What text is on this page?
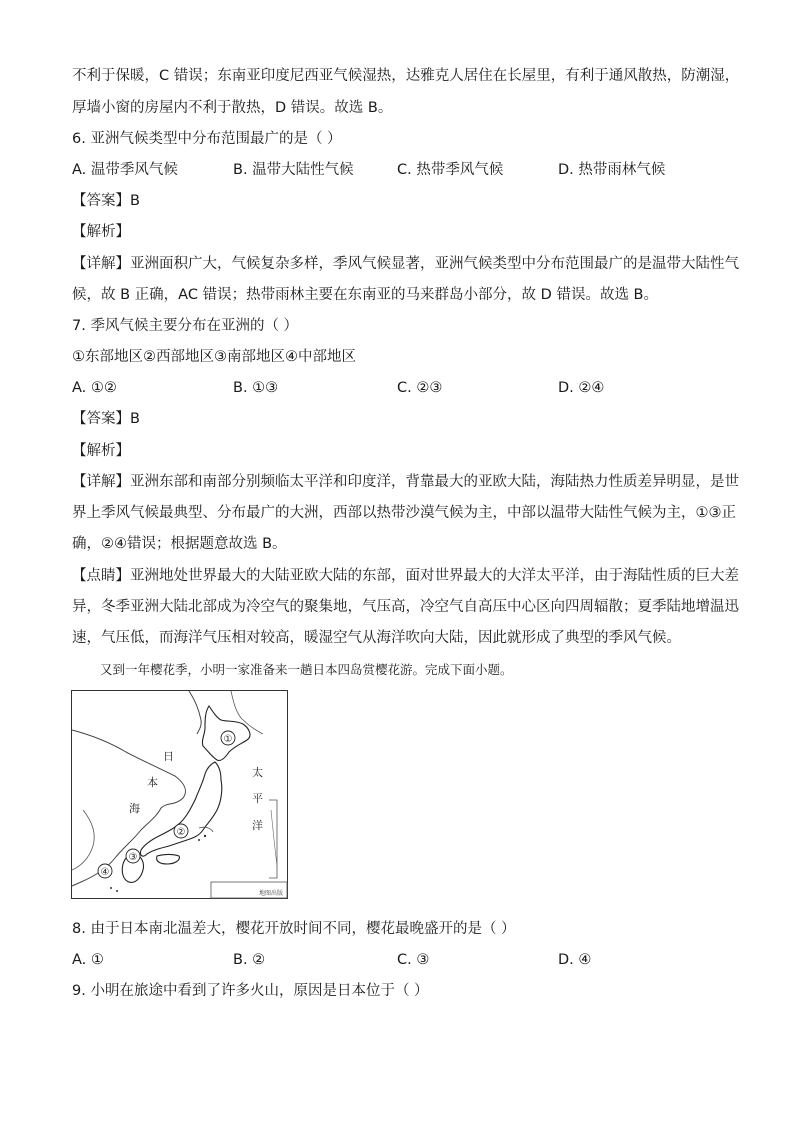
不利于保暖，C 错误；东南亚印度尼西亚气候湿热，达雅克人居住在长屋里，有利于通风散热，防潮湿，
厚墙小窗的房屋内不利于散热，D 错误。故选 B。
6. 亚洲气候类型中分布范围最广的是（ ）
A. 温带季风气候	B. 温带大陆性气候	C. 热带季风气候	D. 热带雨林气候
【答案】B
【解析】
【详解】亚洲面积广大，气候复杂多样，季风气候显著，亚洲气候类型中分布范围最广的是温带大陆性气
候，故 B 正确，AC 错误；热带雨林主要在东南亚的马来群岛小部分，故 D 错误。故选 B。
7. 季风气候主要分布在亚洲的（ ）
①东部地区②西部地区③南部地区④中部地区
A. ①②	B. ①③	C. ②③	D. ②④
【答案】B
【解析】
【详解】亚洲东部和南部分别频临太平洋和印度洋，背靠最大的亚欧大陆，海陆热力性质差异明显，是世
界上季风气候最典型、分布最广的大洲，西部以热带沙漠气候为主，中部以温带大陆性气候为主，①③正
确，②④错误；根据题意故选 B。
【点睛】亚洲地处世界最大的大陆亚欧大陆的东部，面对世界最大的大洋太平洋，由于海陆性质的巨大差
异，冬季亚洲大陆北部成为冷空气的聚集地，气压高，冷空气自高压中心区向四周辐散；夏季陆地增温迅
速，气压低，而海洋气压相对较高，暖湿空气从海洋吹向大陆，因此就形成了典型的季风气候。
又到一年樱花季，小明一家准备来一趟日本四岛赏樱花游。完成下面小题。
日
本
海
太
平
洋
①
②
③
④
地图出版
8. 由于日本南北温差大，樱花开放时间不同，樱花最晚盛开的是（ ）
A. ①	B. ②	C. ③	D. ④
9. 小明在旅途中看到了许多火山，原因是日本位于（ ）
